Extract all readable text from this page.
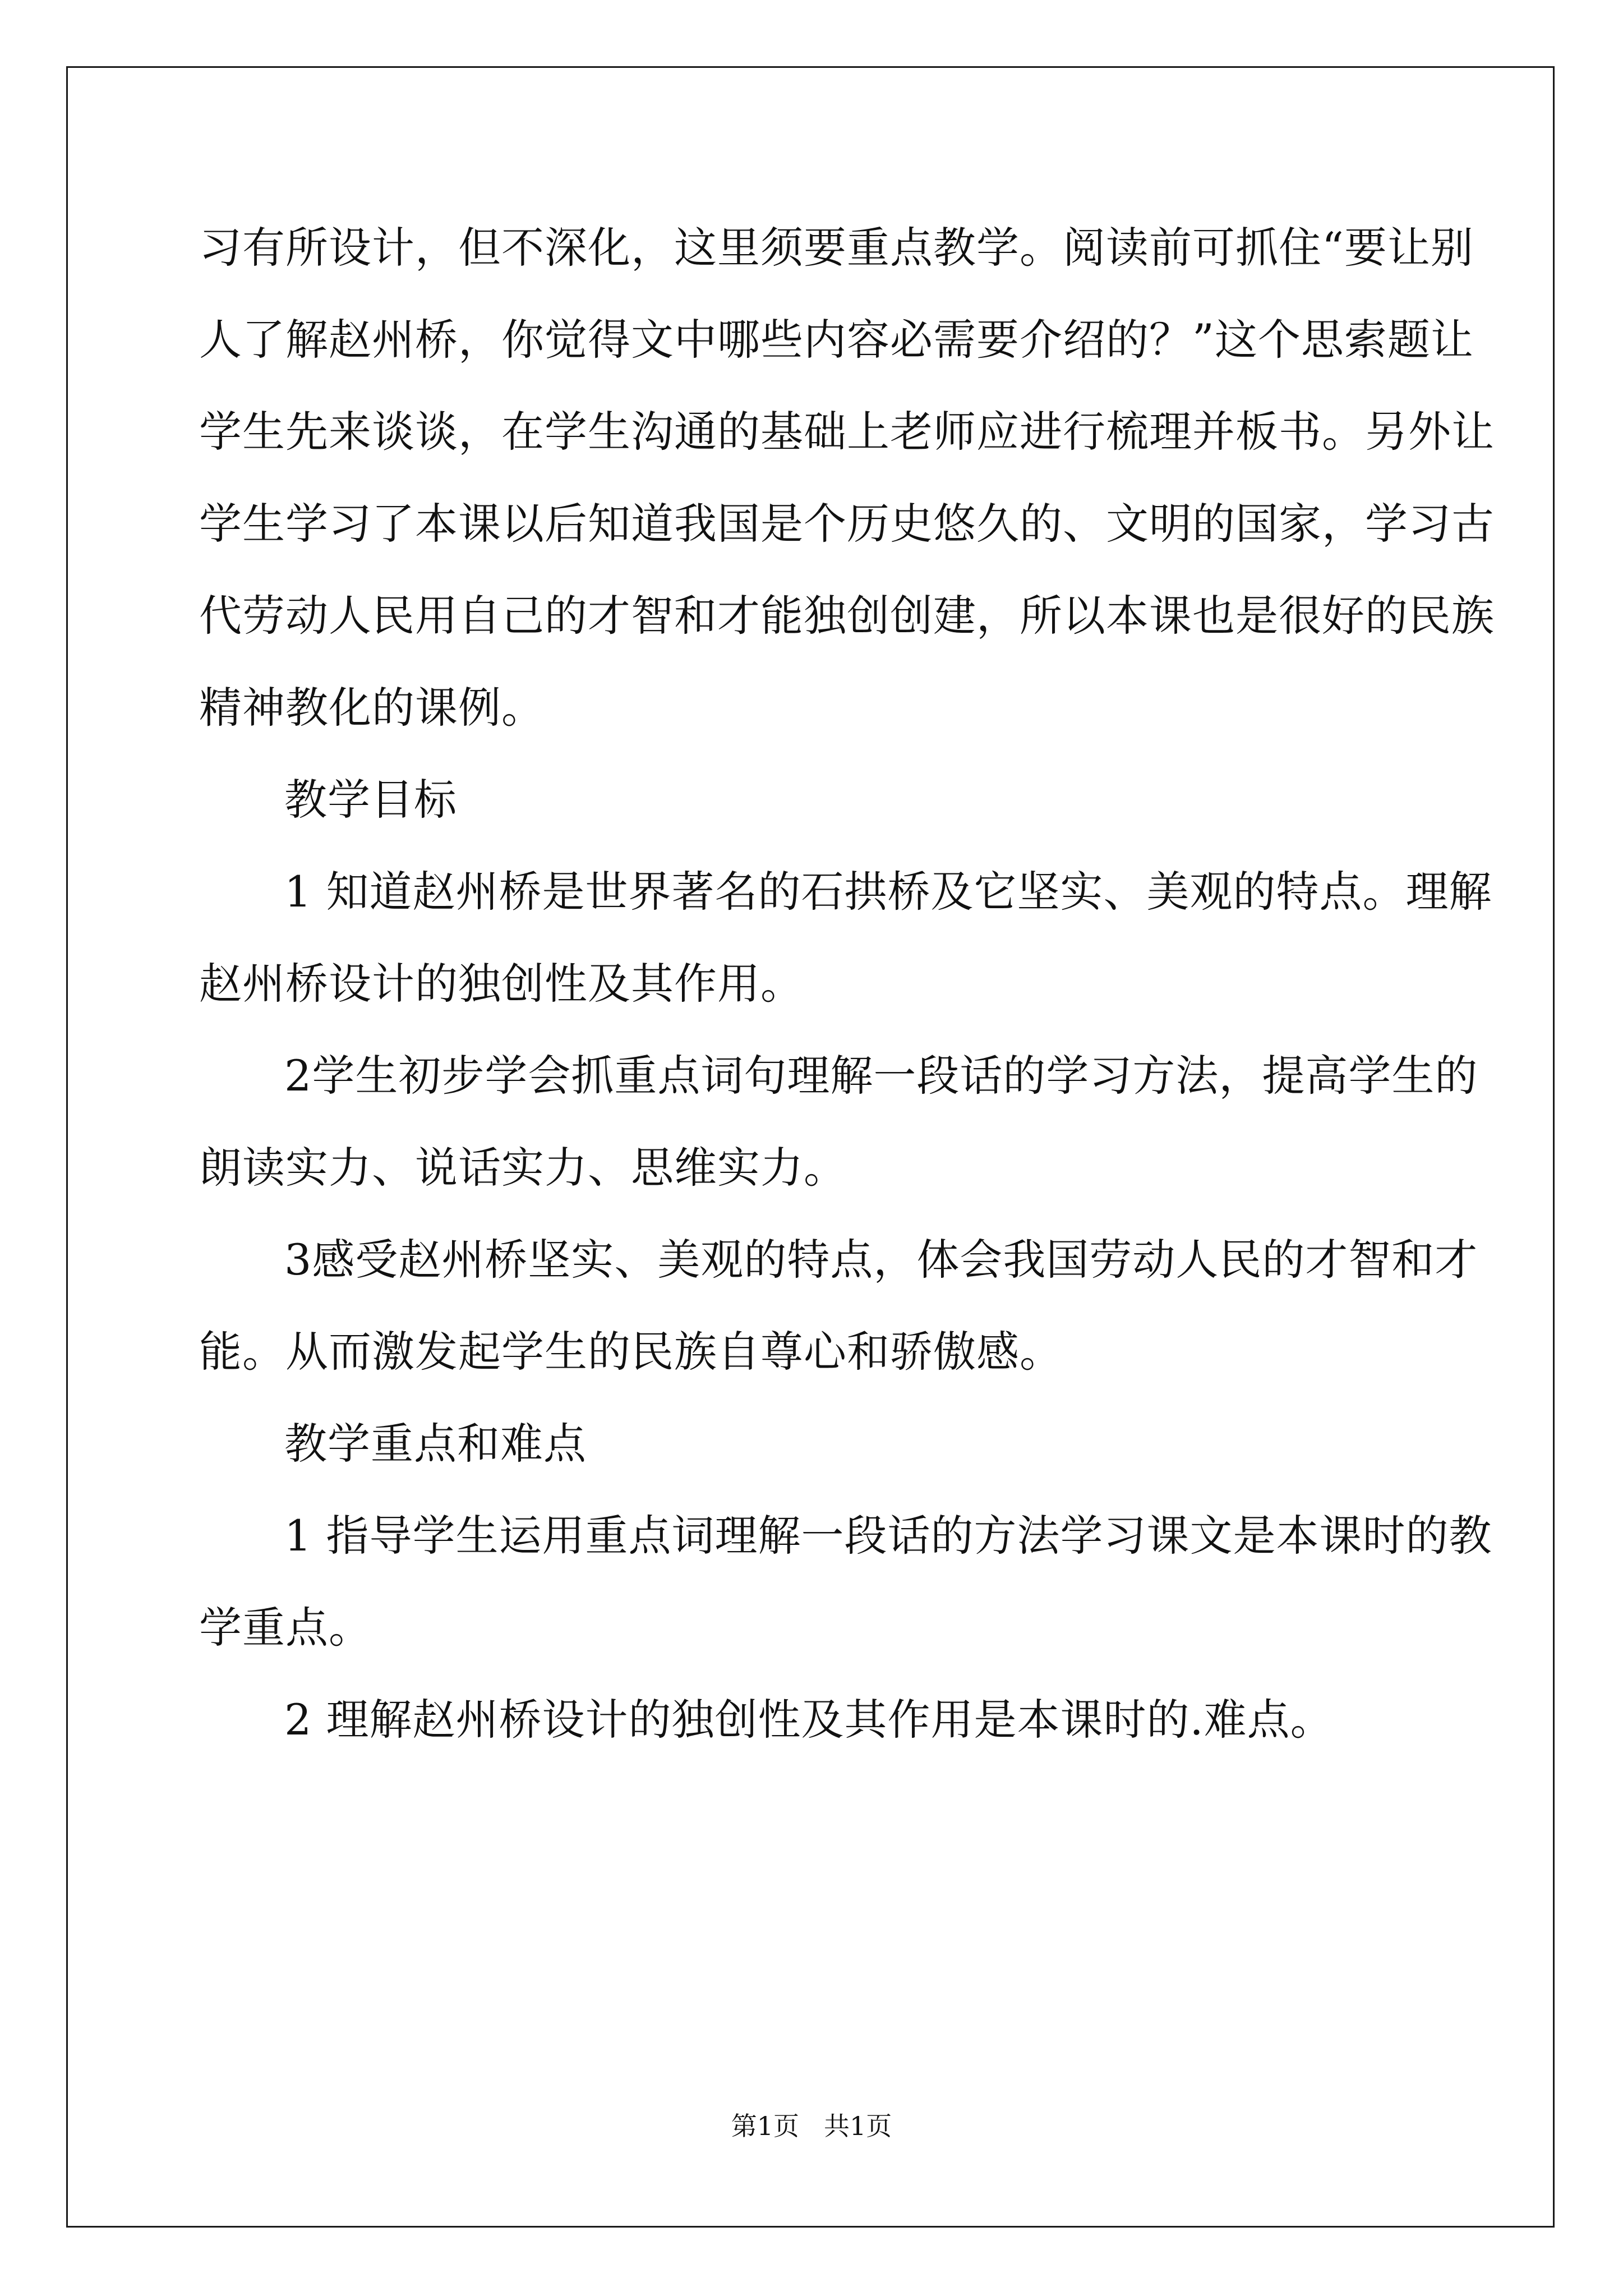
习有所设计，但不深化，这里须要重点教学。阅读前可抓住“要让别
人了解赵州桥，你觉得文中哪些内容必需要介绍的？”这个思索题让
学生先来谈谈，在学生沟通的基础上老师应进行梳理并板书。另外让
学生学习了本课以后知道我国是个历史悠久的、文明的国家，学习古
代劳动人民用自己的才智和才能独创创建，所以本课也是很好的民族
精神教化的课例。
教学目标
1 知道赵州桥是世界著名的石拱桥及它坚实、美观的特点。理解
赵州桥设计的独创性及其作用。
2学生初步学会抓重点词句理解一段话的学习方法，提高学生的
朗读实力、说话实力、思维实力。
3感受赵州桥坚实、美观的特点，体会我国劳动人民的才智和才
能。从而激发起学生的民族自尊心和骄傲感。
教学重点和难点
1 指导学生运用重点词理解一段话的方法学习课文是本课时的教
学重点。
2 理解赵州桥设计的独创性及其作用是本课时的.难点。
第1页 共1页
